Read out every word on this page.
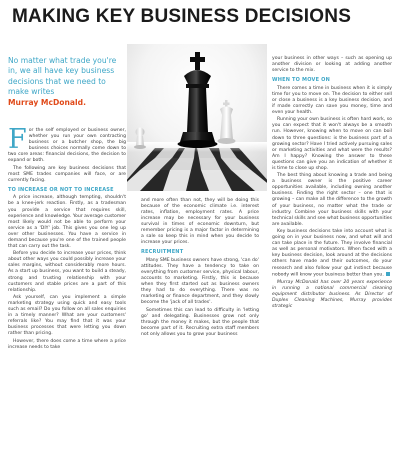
MAKING KEY BUSINESS DECISIONS
No matter what trade you're in, we all have key business decisions that we need to make writes
Murray McDonald.

For the self employed or business owner, whether you run your own contracting business or a butcher shop, the big business choices normally come down to two core areas: financial decisions, the decision to expand or both.

The following are key business decisions that most SME trades companies will face, or are currently facing.

TO INCREASE OR NOT TO INCREASE

A price increase, although tempting, shouldn't be a knee-jerk reaction. Firstly, as a tradesman you provide a service that requires skill, experience and knowledge. Your average customer most likely would not be able to perform your service as a 'DIY' job. This gives you one leg up over other businesses. You have a service in demand because you're one of the trained people that can carry out the task.

Before you decide to increase your prices, think about other ways you could possibly increase your sales margins, without considerably more hours. As a start up business, you want to build a steady, strong and trusting relationship with your customers and stable prices are a part of this relationship.

Ask yourself, can you implement a simple marketing strategy using quick and easy tools such as email? Do you follow on all sales enquiries in a timely manner? What are your customers' referrals like? You may find that it was your business processes that were letting you down rather than pricing.

However, there does come a time where a price increase needs to take

and more often than not, they will be doing this because of the economic climate i.e. interest rates, inflation, employment rates. A price increase may be necessary for your business survival in times of economic downturn, but remember pricing is a major factor in determining a sale so keep this in mind when you decide to increase your prices.

RECRUITMENT

Many SME business owners have strong, 'can do' attitudes. They have a tendency to take on everything from customer service, physical labour, accounts to marketing. Firstly, this is because when they first started out as business owners they had to do everything. There was no marketing or finance department, and they slowly become the 'jack of all trades'.

Sometimes this can lead to difficulty in 'letting go' and delegating. Businesses grow not only through the money it makes, but the people that become part of it. Recruiting extra staff members not only allows you to grow your business

your business in other ways – such as opening up another division or looking at adding another service to the mix.

WHEN TO MOVE ON

There comes a time in business when it is simply time for you to move on. The decision to either sell or close a business is a key business decision, and if made correctly can save you money, time and even your health.

Running your own business is often hard work, so you can expect that it won't always be a smooth run. However, knowing when to move on can boil down to three questions: is the business part of a growing sector? Have I tried actively pursuing sales or marketing activities and what were the results? Am I happy? Knowing the answer to these questions can give you an indication of whether it is time to close up shop.

The best thing about knowing a trade and being a business owner is the positive career opportunities available, including owning another business. Finding the right sector – one that is growing – can make all the difference to the growth of your business, no matter what the trade or industry. Combine your business skills with your technical skills and see what business opportunities are available.

Key business decisions take into account what is going on in your business now, and what will and can take place in the future. They involve financial as well as personal motivators. When faced with a key business decision, look around at the decisions others have made and their outcomes, do your research and also follow your gut instinct because nobody will know your business better than you.

Murray McDonald has over 20 years experience in running a national commercial cleaning equipment distributor business. As Director of Duplex Cleaning Machines, Murray provides strategic
